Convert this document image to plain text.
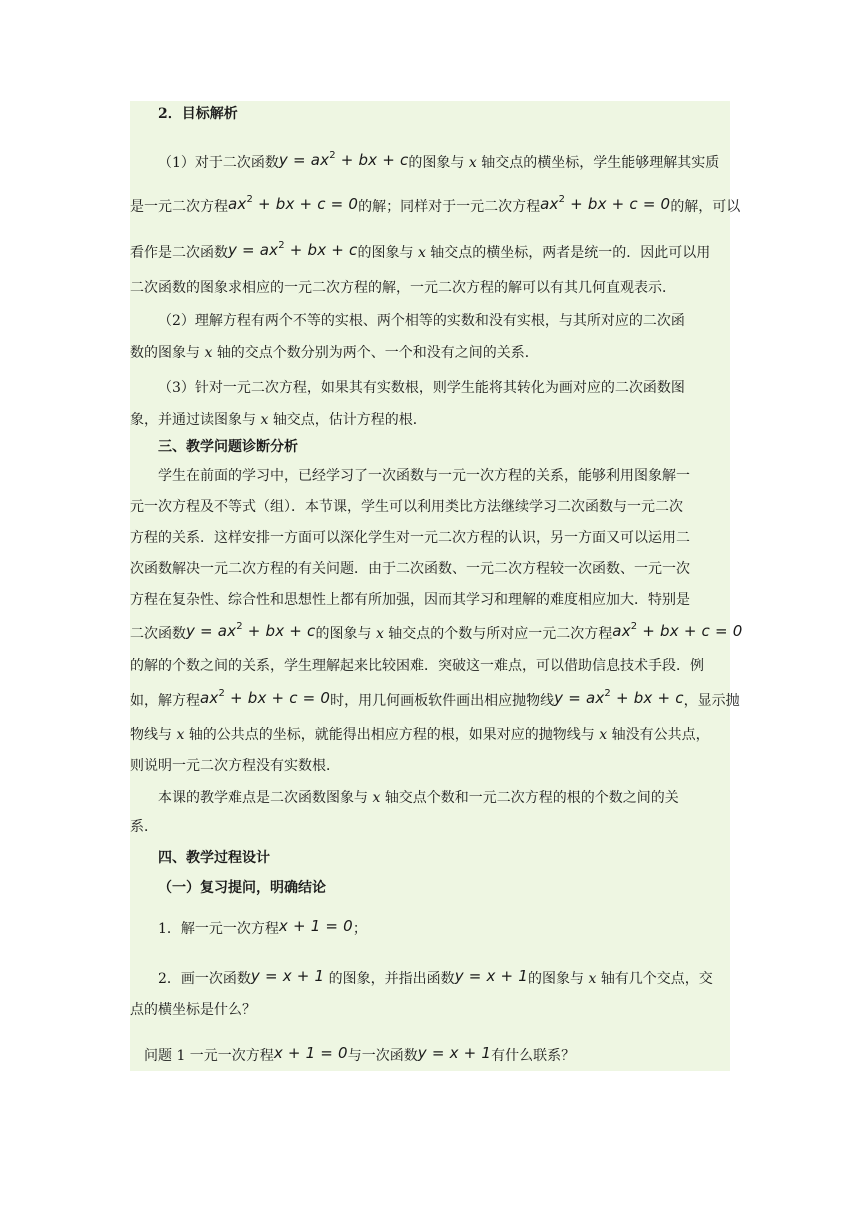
2．目标解析
（1）对于二次函数$y = ax^2$ + bx + c的图象与 x 轴交点的横坐标，学生能够理解其实质
是一元二次方程$ax^2$ + bx + c = 0的解；同样对于一元二次方程$ax^2$ + bx + c = 0的解，可以
看作是二次函数$y = ax^2$ + bx + c的图象与 x 轴交点的横坐标，两者是统一的．因此可以用
二次函数的图象求相应的一元二次方程的解，一元二次方程的解可以有其几何直观表示．
（2）理解方程有两个不等的实根、两个相等的实数和没有实根，与其所对应的二次函
数的图象与 x 轴的交点个数分别为两个、一个和没有之间的关系．
（3）针对一元二次方程，如果其有实数根，则学生能将其转化为画对应的二次函数图
象，并通过读图象与 x 轴交点，估计方程的根．
三、教学问题诊断分析
学生在前面的学习中，已经学习了一次函数与一元一次方程的关系，能够利用图象解一
元一次方程及不等式（组）．本节课，学生可以利用类比方法继续学习二次函数与一元二次
方程的关系．这样安排一方面可以深化学生对一元二次方程的认识，另一方面又可以运用二
次函数解决一元二次方程的有关问题．由于二次函数、一元二次方程较一次函数、一元一次
方程在复杂性、综合性和思想性上都有所加强，因而其学习和理解的难度相应加大．特别是
二次函数$y = ax^2$ + bx + c的图象与 x 轴交点的个数与所对应一元二次方程$ax^2$ + bx + c = 0
的解的个数之间的关系，学生理解起来比较困难．突破这一难点，可以借助信息技术手段．例
如，解方程$ax^2$ + bx + c = 0时，用几何画板软件画出相应抛物线$y = ax^2$ + bx + c，显示抛
物线与 x 轴的公共点的坐标，就能得出相应方程的根，如果对应的抛物线与 x 轴没有公共点，
则说明一元二次方程没有实数根．
本课的教学难点是二次函数图象与 x 轴交点个数和一元二次方程的根的个数之间的关
系．
四、教学过程设计
（一）复习提问，明确结论
1．解一元一次方程x + 1 = 0；
2．画一次函数y = x + 1 的图象，并指出函数y = x + 1的图象与 x 轴有几个交点，交
点的横坐标是什么？
问题 1 一元一次方程x + 1 = 0与一次函数y = x + 1有什么联系？
